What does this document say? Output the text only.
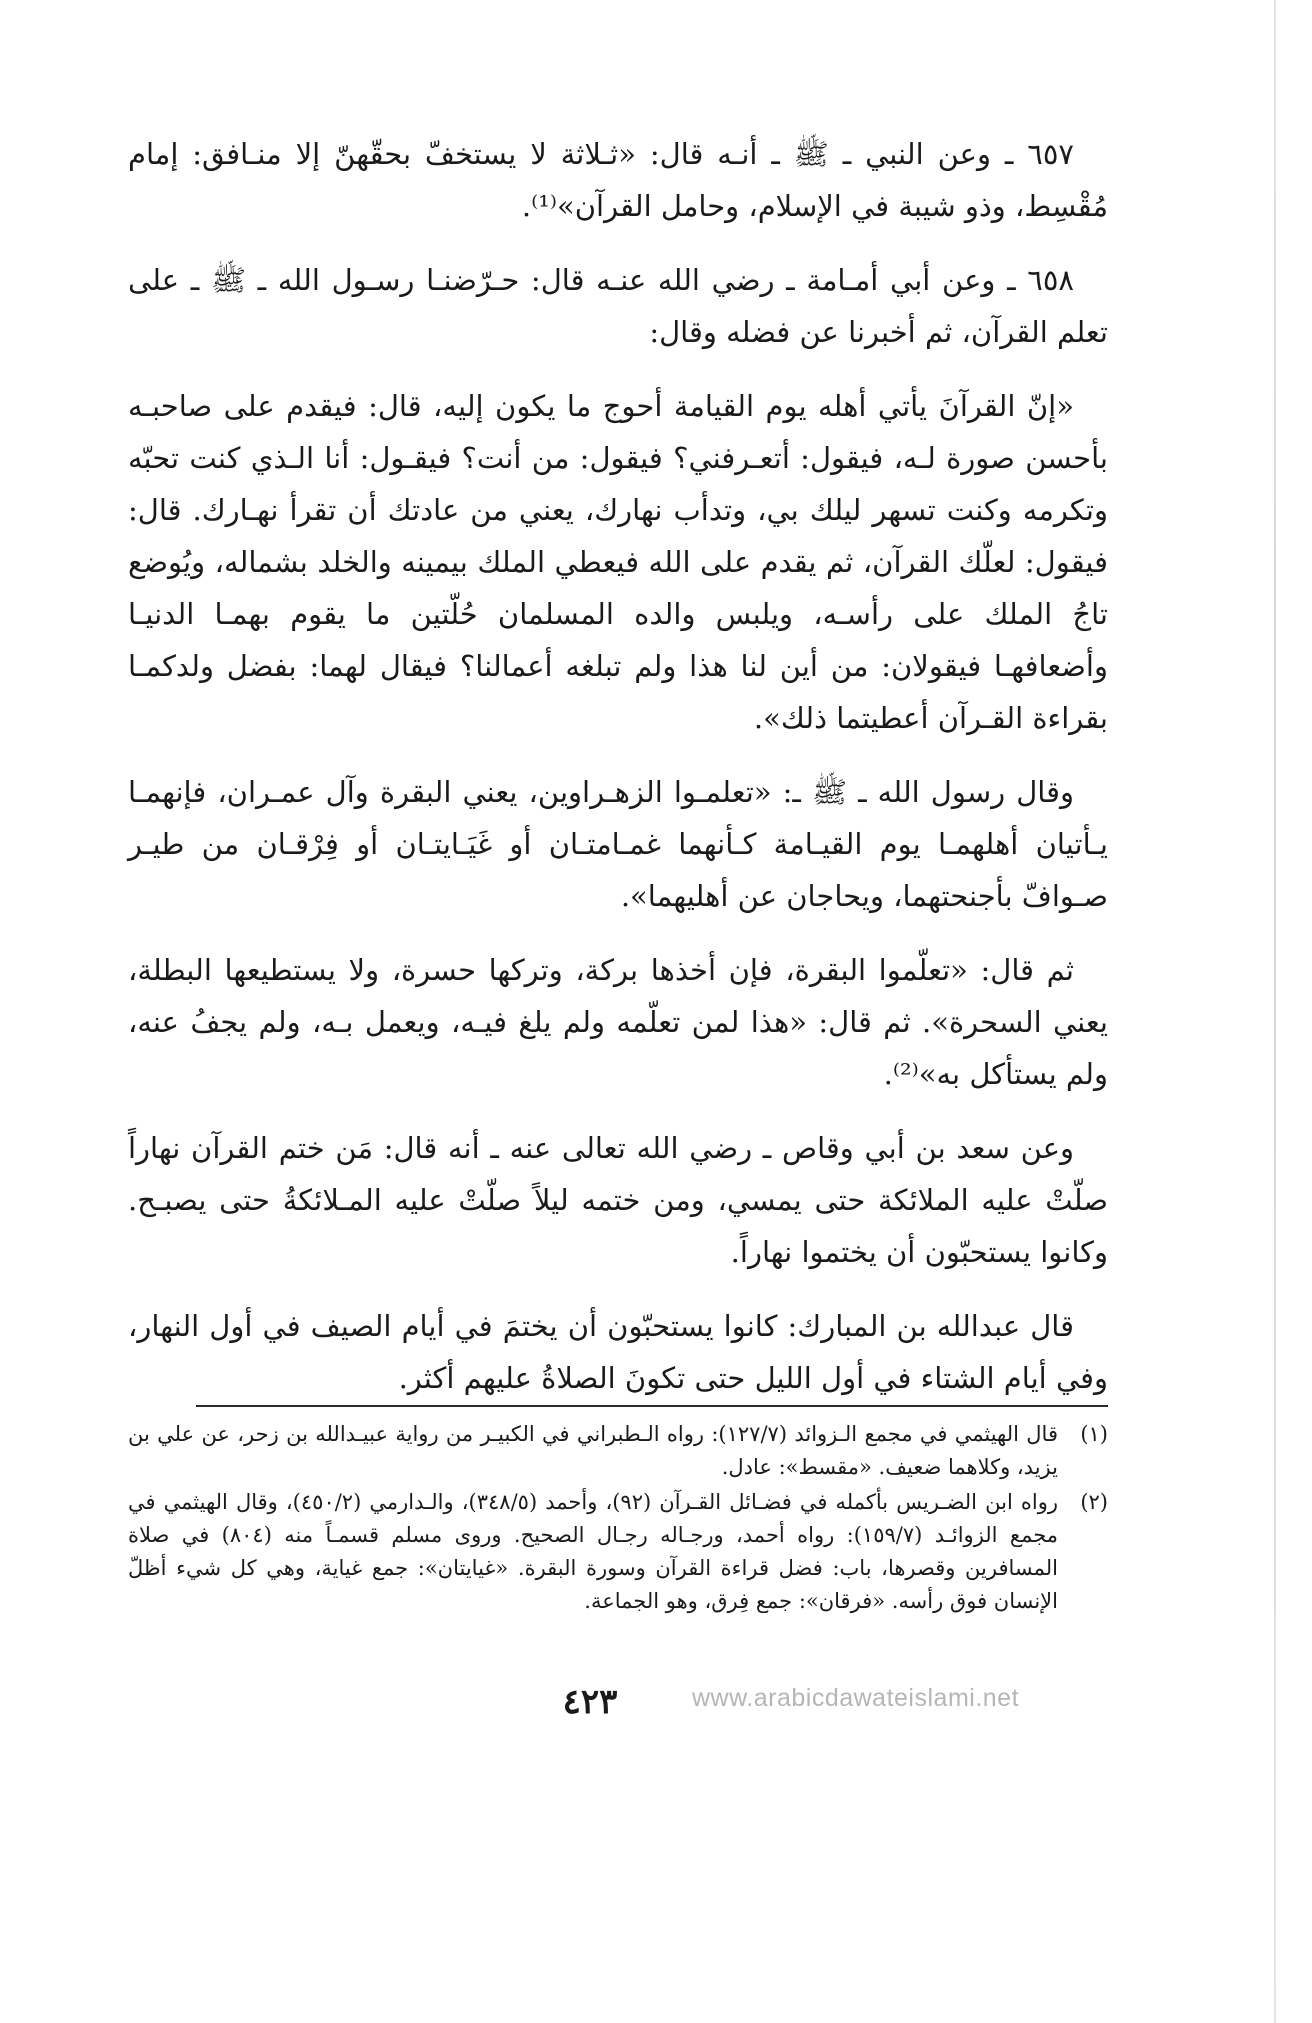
٦٥٧ ـ وعن النبي ـ ﷺ ـ أنـه قال: «ثـلاثة لا يستخفّ بحقّهنّ إلا منـافق: إمام مُقْسِط، وذو شيبة في الإسلام، وحامل القرآن»⁽¹⁾.

٦٥٨ ـ وعن أبي أمـامة ـ رضي الله عنـه قال: حـرّضنـا رسـول الله ـ ﷺ ـ على تعلم القرآن، ثم أخبرنا عن فضله وقال:

«إنّ القرآنَ يأتي أهله يوم القيامة أحوج ما يكون إليه، قال: فيقدم على صاحبـه بأحسن صورة لـه، فيقول: أتعـرفني؟ فيقول: من أنت؟ فيقـول: أنا الـذي كنت تحبّه وتكرمه وكنت تسهر ليلك بي، وتدأب نهارك، يعني من عادتك أن تقرأ نهـارك. قال: فيقول: لعلّك القرآن، ثم يقدم على الله فيعطي الملك بيمينه والخلد بشماله، ويُوضع تاجُ الملك على رأسـه، ويلبس والده المسلمان حُلّتين ما يقوم بهمـا الدنيـا وأضعافهـا فيقولان: من أين لنا هذا ولم تبلغه أعمالنا؟ فيقال لهما: بفضل ولدكمـا بقراءة القـرآن أعطيتما ذلك».

وقال رسول الله ـ ﷺ ـ: «تعلمـوا الزهـراوين، يعني البقرة وآل عمـران، فإنهمـا يـأتيان أهلهمـا يوم القيـامة كـأنهما غمـامتـان أو غَيَـايتـان أو فِرْقـان من طيـر صـوافّ بأجنحتهما، ويحاجان عن أهليهما».

ثم قال: «تعلّموا البقرة، فإن أخذها بركة، وتركها حسرة، ولا يستطيعها البطلة، يعني السحرة». ثم قال: «هذا لمن تعلّمه ولم يلغ فيـه، ويعمل بـه، ولم يجفُ عنه، ولم يستأكل به»⁽²⁾.

وعن سعد بن أبي وقاص ـ رضي الله تعالى عنه ـ أنه قال: مَن ختم القرآن نهاراً صلّتْ عليه الملائكة حتى يمسي، ومن ختمه ليلاً صلّتْ عليه المـلائكةُ حتى يصبـح. وكانوا يستحبّون أن يختموا نهاراً.

قال عبدالله بن المبارك: كانوا يستحبّون أن يختمَ في أيام الصيف في أول النهار، وفي أيام الشتاء في أول الليل حتى تكونَ الصلاةُ عليهم أكثر.

(١)
قال الهيثمي في مجمع الـزوائد (١٢٧/٧): رواه الـطبراني في الكبيـر من رواية عبيـدالله بن زحر، عن علي بن يزيد، وكلاهما ضعيف. «مقسط»: عادل.
(٢)
رواه ابن الضـريس بأكمله في فضـائل القـرآن (٩٢)، وأحمد (٣٤٨/٥)، والـدارمي (٤٥٠/٢)، وقال الهيثمي في مجمع الزوائـد (١٥٩/٧): رواه أحمد، ورجـاله رجـال الصحيح. وروى مسلم قسمـاً منه (٨٠٤) في صلاة المسافرين وقصرها، باب: فضل قراءة القرآن وسورة البقرة. «غيايتان»: جمع غياية، وهي كل شيء أظلّ الإنسان فوق رأسه. «فرقان»: جمع فِرق، وهو الجماعة.
٤٢٣	www.arabicdawateislami.net
